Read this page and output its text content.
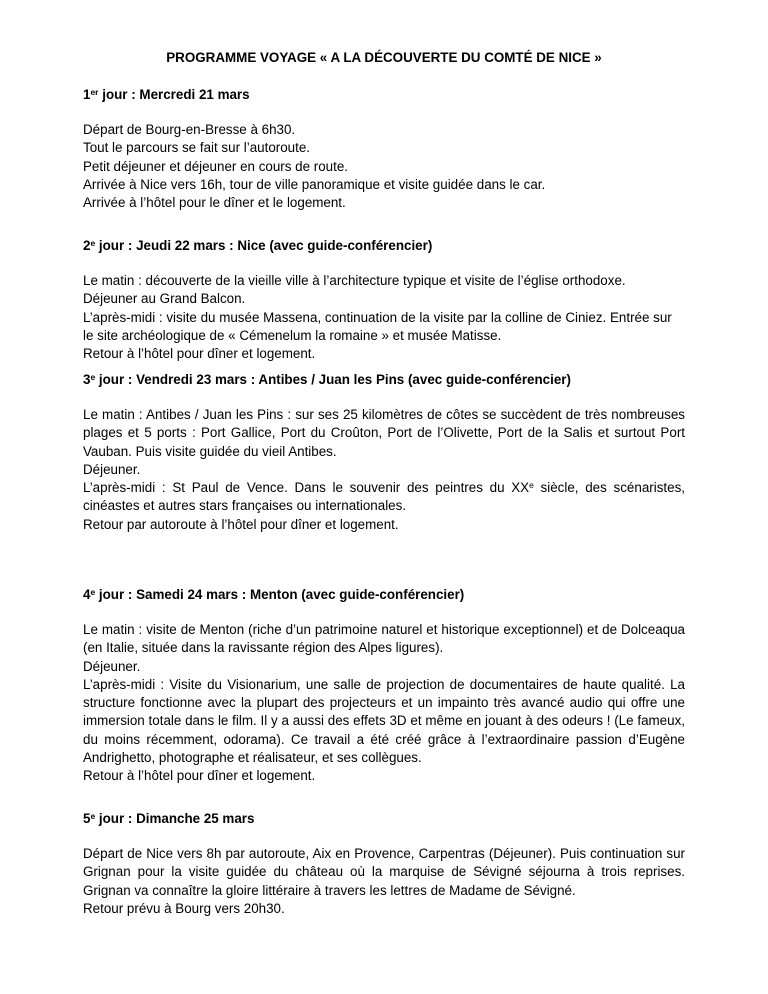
PROGRAMME VOYAGE « A LA DÉCOUVERTE DU COMTÉ DE NICE »

1er jour : Mercredi 21 mars

Départ de Bourg-en-Bresse à 6h30.

Tout le parcours se fait sur l’autoroute.

Petit déjeuner et déjeuner en cours de route.

Arrivée à Nice vers 16h, tour de ville panoramique et visite guidée dans le car.

Arrivée à l’hôtel pour le dîner et le logement.

2e jour : Jeudi 22 mars : Nice (avec guide-conférencier)

Le matin : découverte de la vieille ville à l’architecture typique et visite de l’église orthodoxe.

Déjeuner au Grand Balcon.

L’après-midi : visite du musée Massena, continuation de la visite par la colline de Ciniez. Entrée sur le site archéologique de « Cémenelum la romaine » et musée Matisse.

Retour à l’hôtel pour dîner et logement.

3e jour : Vendredi 23 mars : Antibes / Juan les Pins (avec guide-conférencier)

Le matin : Antibes / Juan les Pins : sur ses 25 kilomètres de côtes se succèdent de très nombreuses plages et 5 ports : Port Gallice, Port du Croûton, Port de l’Olivette, Port de la Salis et surtout Port Vauban. Puis visite guidée du vieil Antibes.

Déjeuner.

L’après-midi : St Paul de Vence. Dans le souvenir des peintres du XXe siècle, des scénaristes, cinéastes et autres stars françaises ou internationales.

Retour par autoroute à l’hôtel pour dîner et logement.

4e jour : Samedi 24 mars : Menton (avec guide-conférencier)

Le matin : visite de Menton (riche d’un patrimoine naturel et historique exceptionnel) et de Dolceaqua (en Italie, située dans la ravissante région des Alpes ligures).

Déjeuner.

L’après-midi : Visite du Visionarium, une salle de projection de documentaires de haute qualité. La structure fonctionne avec la plupart des projecteurs et un impainto très avancé audio qui offre une immersion totale dans le film. Il y a aussi des effets 3D et même en jouant à des odeurs ! (Le fameux, du moins récemment, odorama). Ce travail a été créé grâce à l’extraordinaire passion d’Eugène Andrighetto, photographe et réalisateur, et ses collègues.

Retour à l’hôtel pour dîner et logement.

5e jour : Dimanche 25 mars

Départ de Nice vers 8h par autoroute, Aix en Provence, Carpentras (Déjeuner). Puis continuation sur Grignan pour la visite guidée du château où la marquise de Sévigné séjourna à trois reprises. Grignan va connaître la gloire littéraire à travers les lettres de Madame de Sévigné.

Retour prévu à Bourg vers 20h30.
